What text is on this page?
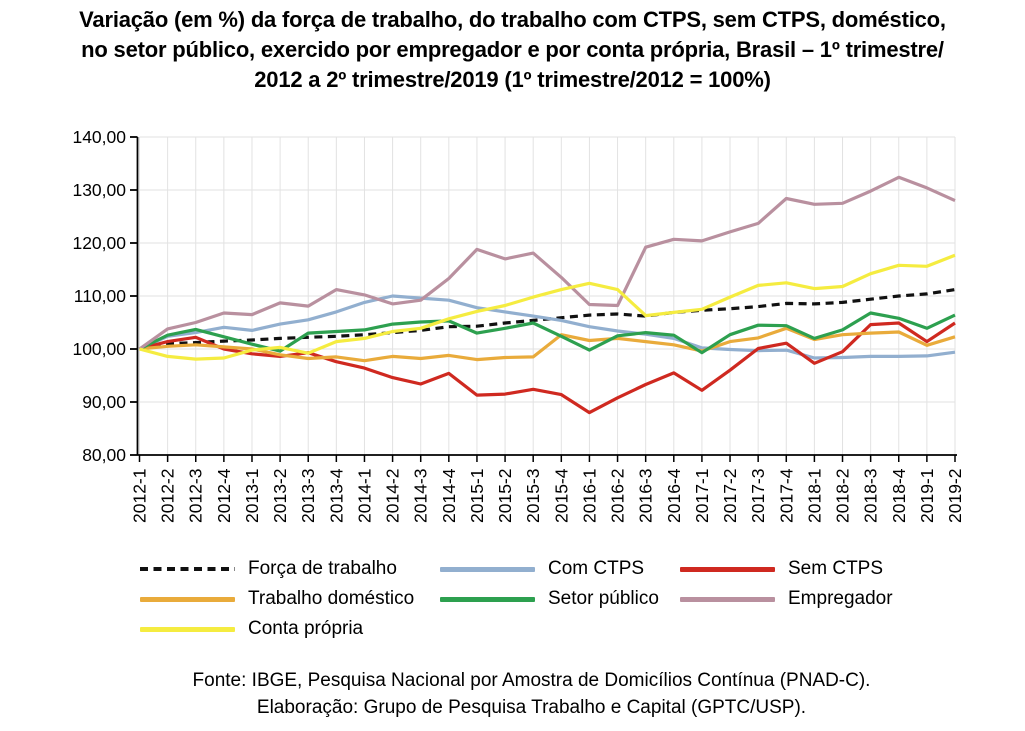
Variação (em %) da força de trabalho, do trabalho com CTPS, sem CTPS, doméstico,
no setor público, exercido por empregador e por conta própria, Brasil – 1º trimestre/
2012 a 2º trimestre/2019 (1º trimestre/2012 = 100%)
140,00
130,00
120,00
110,00
100,00
90,00
80,00
2012-1 2012-2 2012-3 2012-4 2013-1 2013-2 2013-3 2013-4 2014-1 2014-2 2014-3 2014-4 2015-1 2015-2 2015-3 2015-4 2016-1 2016-2 2016-3 2016-4 2017-1 2017-2 2017-3 2017-4 2018-1 2018-2 2018-3 2018-4 2019-1 2019-2
Força de trabalho	Com CTPS	Sem CTPS
Trabalho doméstico	Setor público	Empregador
Conta própria
Fonte: IBGE, Pesquisa Nacional por Amostra de Domicílios Contínua (PNAD-C).
Elaboração: Grupo de Pesquisa Trabalho e Capital (GPTC/USP).
